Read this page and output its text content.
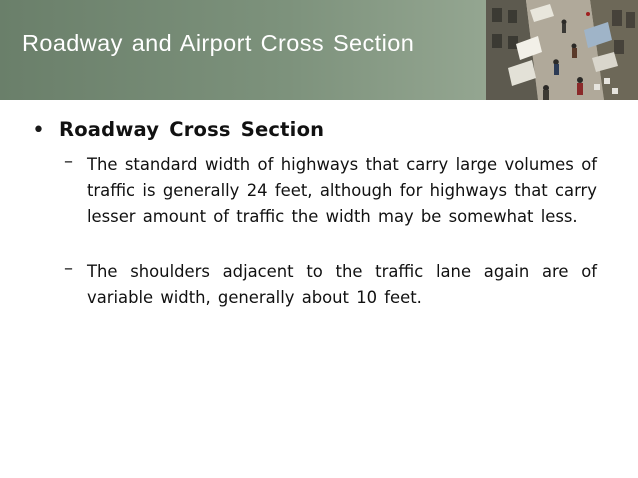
Roadway and Airport Cross Section
• Roadway Cross Section
– The standard width of highways that carry large volumes of traffic is generally 24 feet, although for highways that carry lesser amount of traffic the width may be somewhat less.
– The shoulders adjacent to the traffic lane again are of variable width, generally about 10 feet.
